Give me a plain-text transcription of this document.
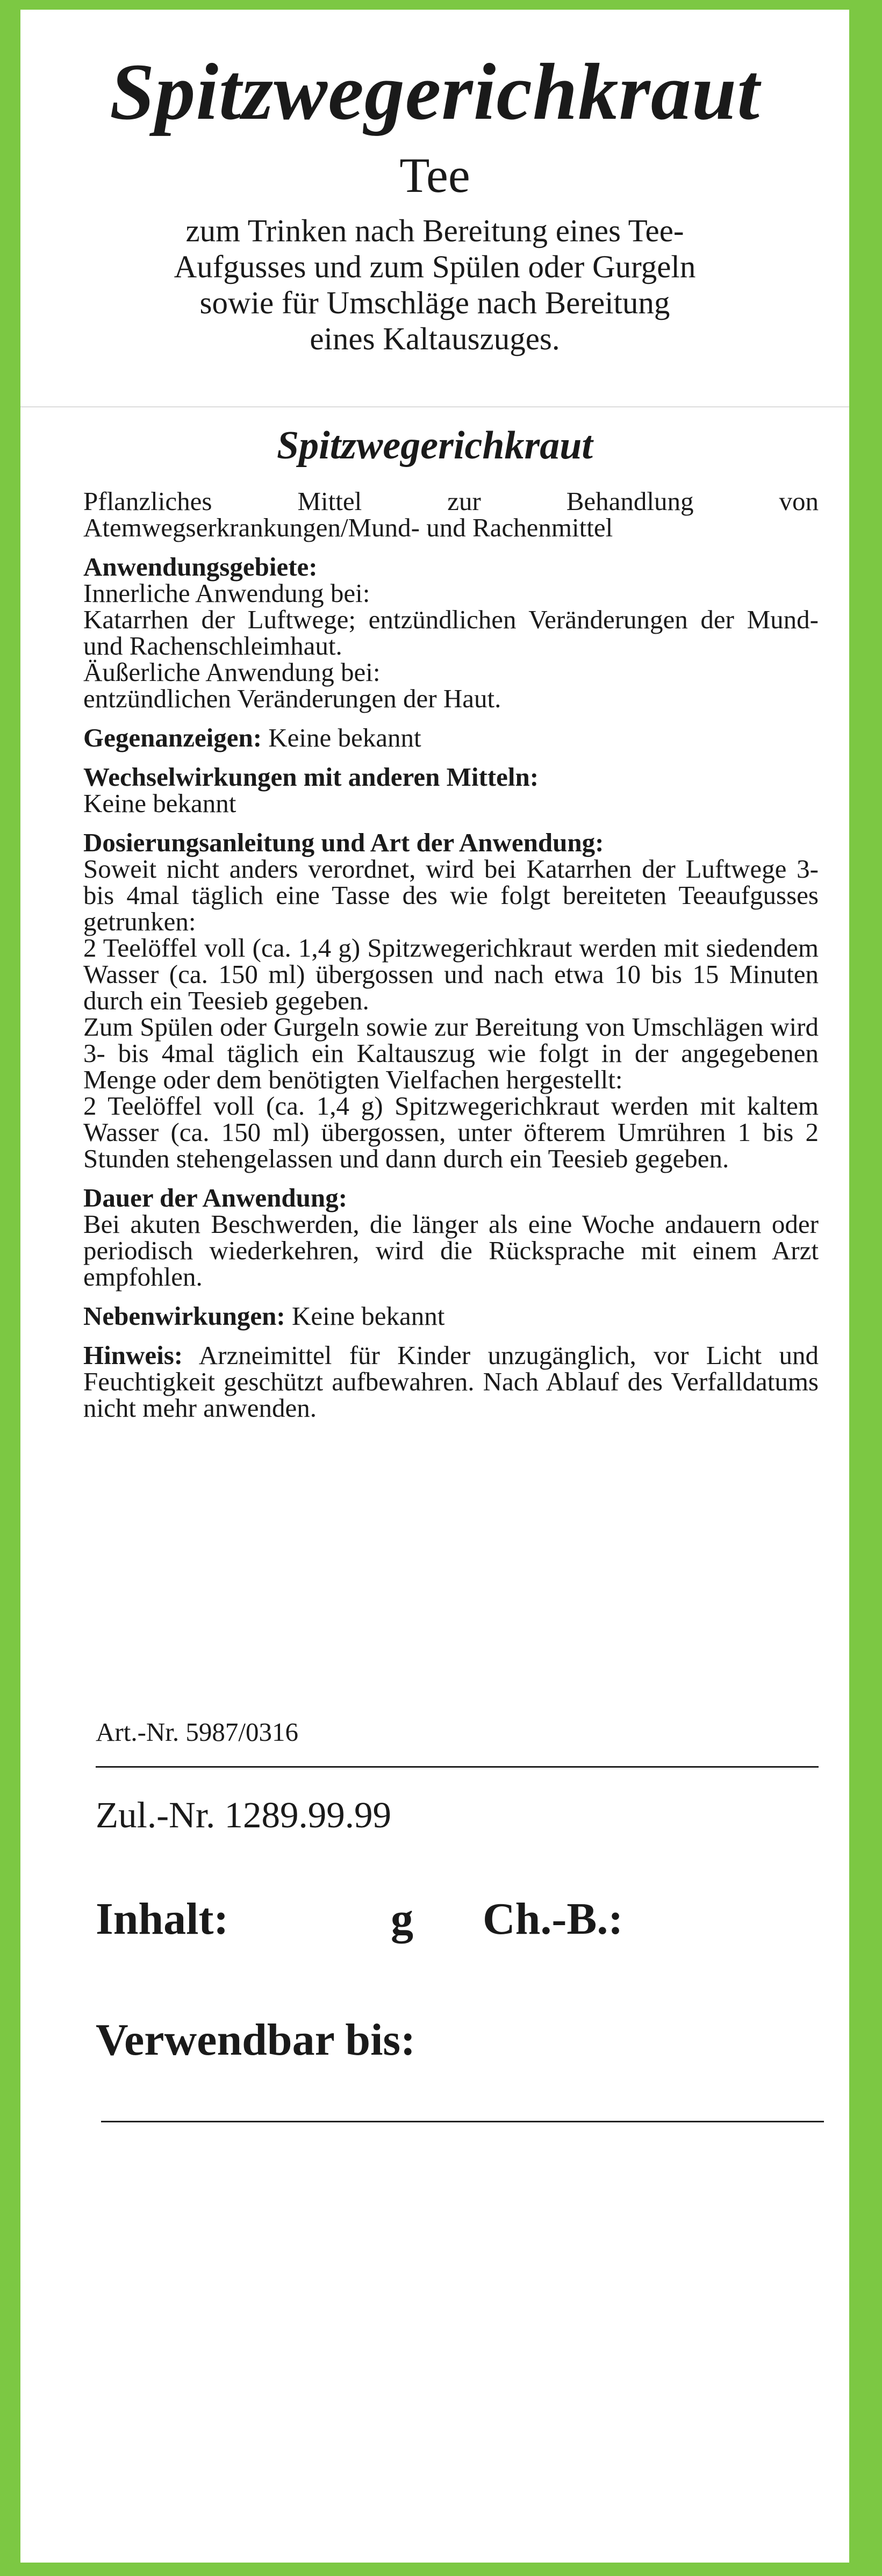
Spitzwegerichkraut
Tee
zum Trinken nach Bereitung eines Tee-
Aufgusses und zum Spülen oder Gurgeln
sowie für Umschläge nach Bereitung
eines Kaltauszuges.
Spitzwegerichkraut

Pflanzliches Mittel zur Behandlung von Atemwegserkrankungen/Mund- und Rachenmittel

Anwendungsgebiete:

Innerliche Anwendung bei:

Katarrhen der Luftwege; entzündlichen Veränderungen der Mund- und Rachenschleimhaut.

Äußerliche Anwendung bei:

entzündlichen Veränderungen der Haut.

Gegenanzeigen: Keine bekannt

Wechselwirkungen mit anderen Mitteln:

Keine bekannt

Dosierungsanleitung und Art der Anwendung:

Soweit nicht anders verordnet, wird bei Katarrhen der Luftwege 3- bis 4mal täglich eine Tasse des wie folgt bereiteten Teeaufgusses getrunken:

2 Teelöffel voll (ca. 1,4 g) Spitzwegerichkraut werden mit siedendem Wasser (ca. 150 ml) übergossen und nach etwa 10 bis 15 Minuten durch ein Teesieb gegeben.

Zum Spülen oder Gurgeln sowie zur Bereitung von Umschlägen wird 3- bis 4mal täglich ein Kaltauszug wie folgt in der angegebenen Menge oder dem benötigten Vielfachen hergestellt:

2 Teelöffel voll (ca. 1,4 g) Spitzwegerichkraut werden mit kaltem Wasser (ca. 150 ml) übergossen, unter öfterem Umrühren 1 bis 2 Stunden stehengelassen und dann durch ein Teesieb gegeben.

Dauer der Anwendung:

Bei akuten Beschwerden, die länger als eine Woche andauern oder periodisch wiederkehren, wird die Rücksprache mit einem Arzt empfohlen.

Nebenwirkungen: Keine bekannt

Hinweis: Arzneimittel für Kinder unzugänglich, vor Licht und Feuchtigkeit geschützt aufbewahren. Nach Ablauf des Verfalldatums nicht mehr anwenden.

Art.-Nr. 5987/0316
Zul.-Nr. 1289.99.99
Inhalt:	g Ch.-B.:
Verwendbar bis:
